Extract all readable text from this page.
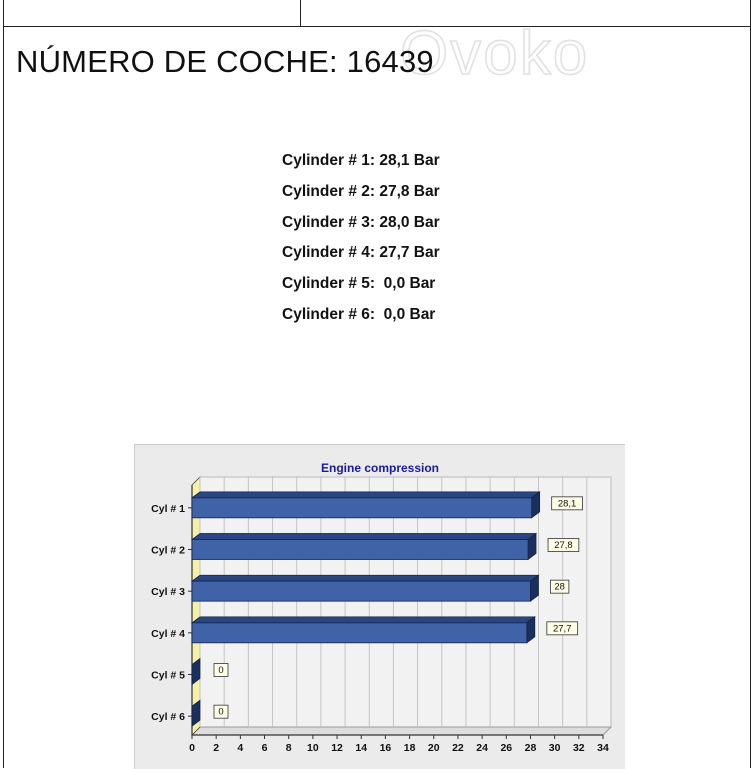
Ovoko
NÚMERO DE COCHE: 16439
Cylinder # 1: 28,1 Bar
Cylinder # 2: 27,8 Bar
Cylinder # 3: 28,0 Bar
Cylinder # 4: 27,7 Bar
Cylinder # 5:  0,0 Bar
Cylinder # 6:  0,0 Bar
Engine compression
0 2 4 6 8 10 12 14 16 18 20 22 24 26 28 30 32 34
Cyl # 1	28,1
Cyl # 2	27,8
Cyl # 3	28
Cyl # 4	27,7
Cyl # 5	0
Cyl # 6	0
